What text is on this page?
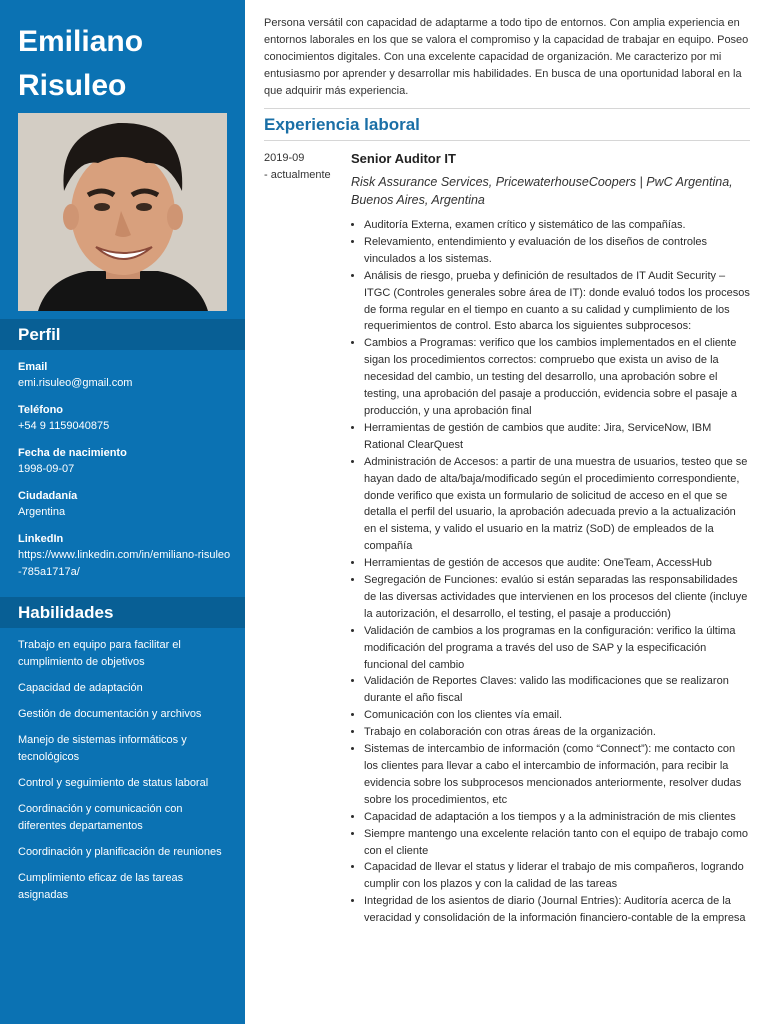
Emiliano
Risuleo
Perfil
Email
emi.risuleo@gmail.com
Teléfono
+54 9 1159040875
Fecha de nacimiento
1998-09-07
Ciudadanía
Argentina
LinkedIn
https://www.linkedin.com/in/emiliano-risuleo-785a1717a/
Habilidades
Trabajo en equipo para facilitar el cumplimiento de objetivos
Capacidad de adaptación
Gestión de documentación y archivos
Manejo de sistemas informáticos y tecnológicos
Control y seguimiento de status laboral
Coordinación y comunicación con diferentes departamentos
Coordinación y planificación de reuniones
Cumplimiento eficaz de las tareas asignadas

Persona versátil con capacidad de adaptarme a todo tipo de entornos. Con amplia experiencia en entornos laborales en los que se valora el compromiso y la capacidad de trabajar en equipo. Poseo conocimientos digitales. Con una excelente capacidad de organización. Me caracterizo por mi entusiasmo por aprender y desarrollar mis habilidades. En busca de una oportunidad laboral en la que adquirir más experiencia.

Experiencia laboral
2019-09
- actualmente
Senior Auditor IT
Risk Assurance Services, PricewaterhouseCoopers | PwC Argentina, Buenos Aires, Argentina
• Auditoría Externa, examen crítico y sistemático de las compañías.
• Relevamiento, entendimiento y evaluación de los diseños de controles vinculados a los sistemas.
• Análisis de riesgo, prueba y definición de resultados de IT Audit Security – ITGC (Controles generales sobre área de IT): donde evaluó todos los procesos de forma regular en el tiempo en cuanto a su calidad y cumplimiento de los requerimientos de control. Esto abarca los siguientes subprocesos:
• Cambios a Programas: verifico que los cambios implementados en el cliente sigan los procedimientos correctos: compruebo que exista un aviso de la necesidad del cambio, un testing del desarrollo, una aprobación sobre el testing, una aprobación del pasaje a producción, evidencia sobre el pasaje a producción, y una aprobación final
• Herramientas de gestión de cambios que audite: Jira, ServiceNow, IBM Rational ClearQuest
• Administración de Accesos: a partir de una muestra de usuarios, testeo que se hayan dado de alta/baja/modificado según el procedimiento correspondiente, donde verifico que exista un formulario de solicitud de acceso en el que se detalla el perfil del usuario, la aprobación adecuada previo a la actualización en el sistema, y valido el usuario en la matriz (SoD) de empleados de la compañía
• Herramientas de gestión de accesos que audite: OneTeam, AccessHub
• Segregación de Funciones: evalúo si están separadas las responsabilidades de las diversas actividades que intervienen en los procesos del cliente (incluye la autorización, el desarrollo, el testing, el pasaje a producción)
• Validación de cambios a los programas en la configuración: verifico la última modificación del programa a través del uso de SAP y la especificación funcional del cambio
• Validación de Reportes Claves: valido las modificaciones que se realizaron durante el año fiscal
• Comunicación con los clientes vía email.
• Trabajo en colaboración con otras áreas de la organización.
• Sistemas de intercambio de información (como “Connect”): me contacto con los clientes para llevar a cabo el intercambio de información, para recibir la evidencia sobre los subprocesos mencionados anteriormente, resolver dudas sobre los procedimientos, etc
• Capacidad de adaptación a los tiempos y a la administración de mis clientes
• Siempre mantengo una excelente relación tanto con el equipo de trabajo como con el cliente
• Capacidad de llevar el status y liderar el trabajo de mis compañeros, logrando cumplir con los plazos y con la calidad de las tareas
• Integridad de los asientos de diario (Journal Entries): Auditoría acerca de la veracidad y consolidación de la información financiero-contable de la empresa
